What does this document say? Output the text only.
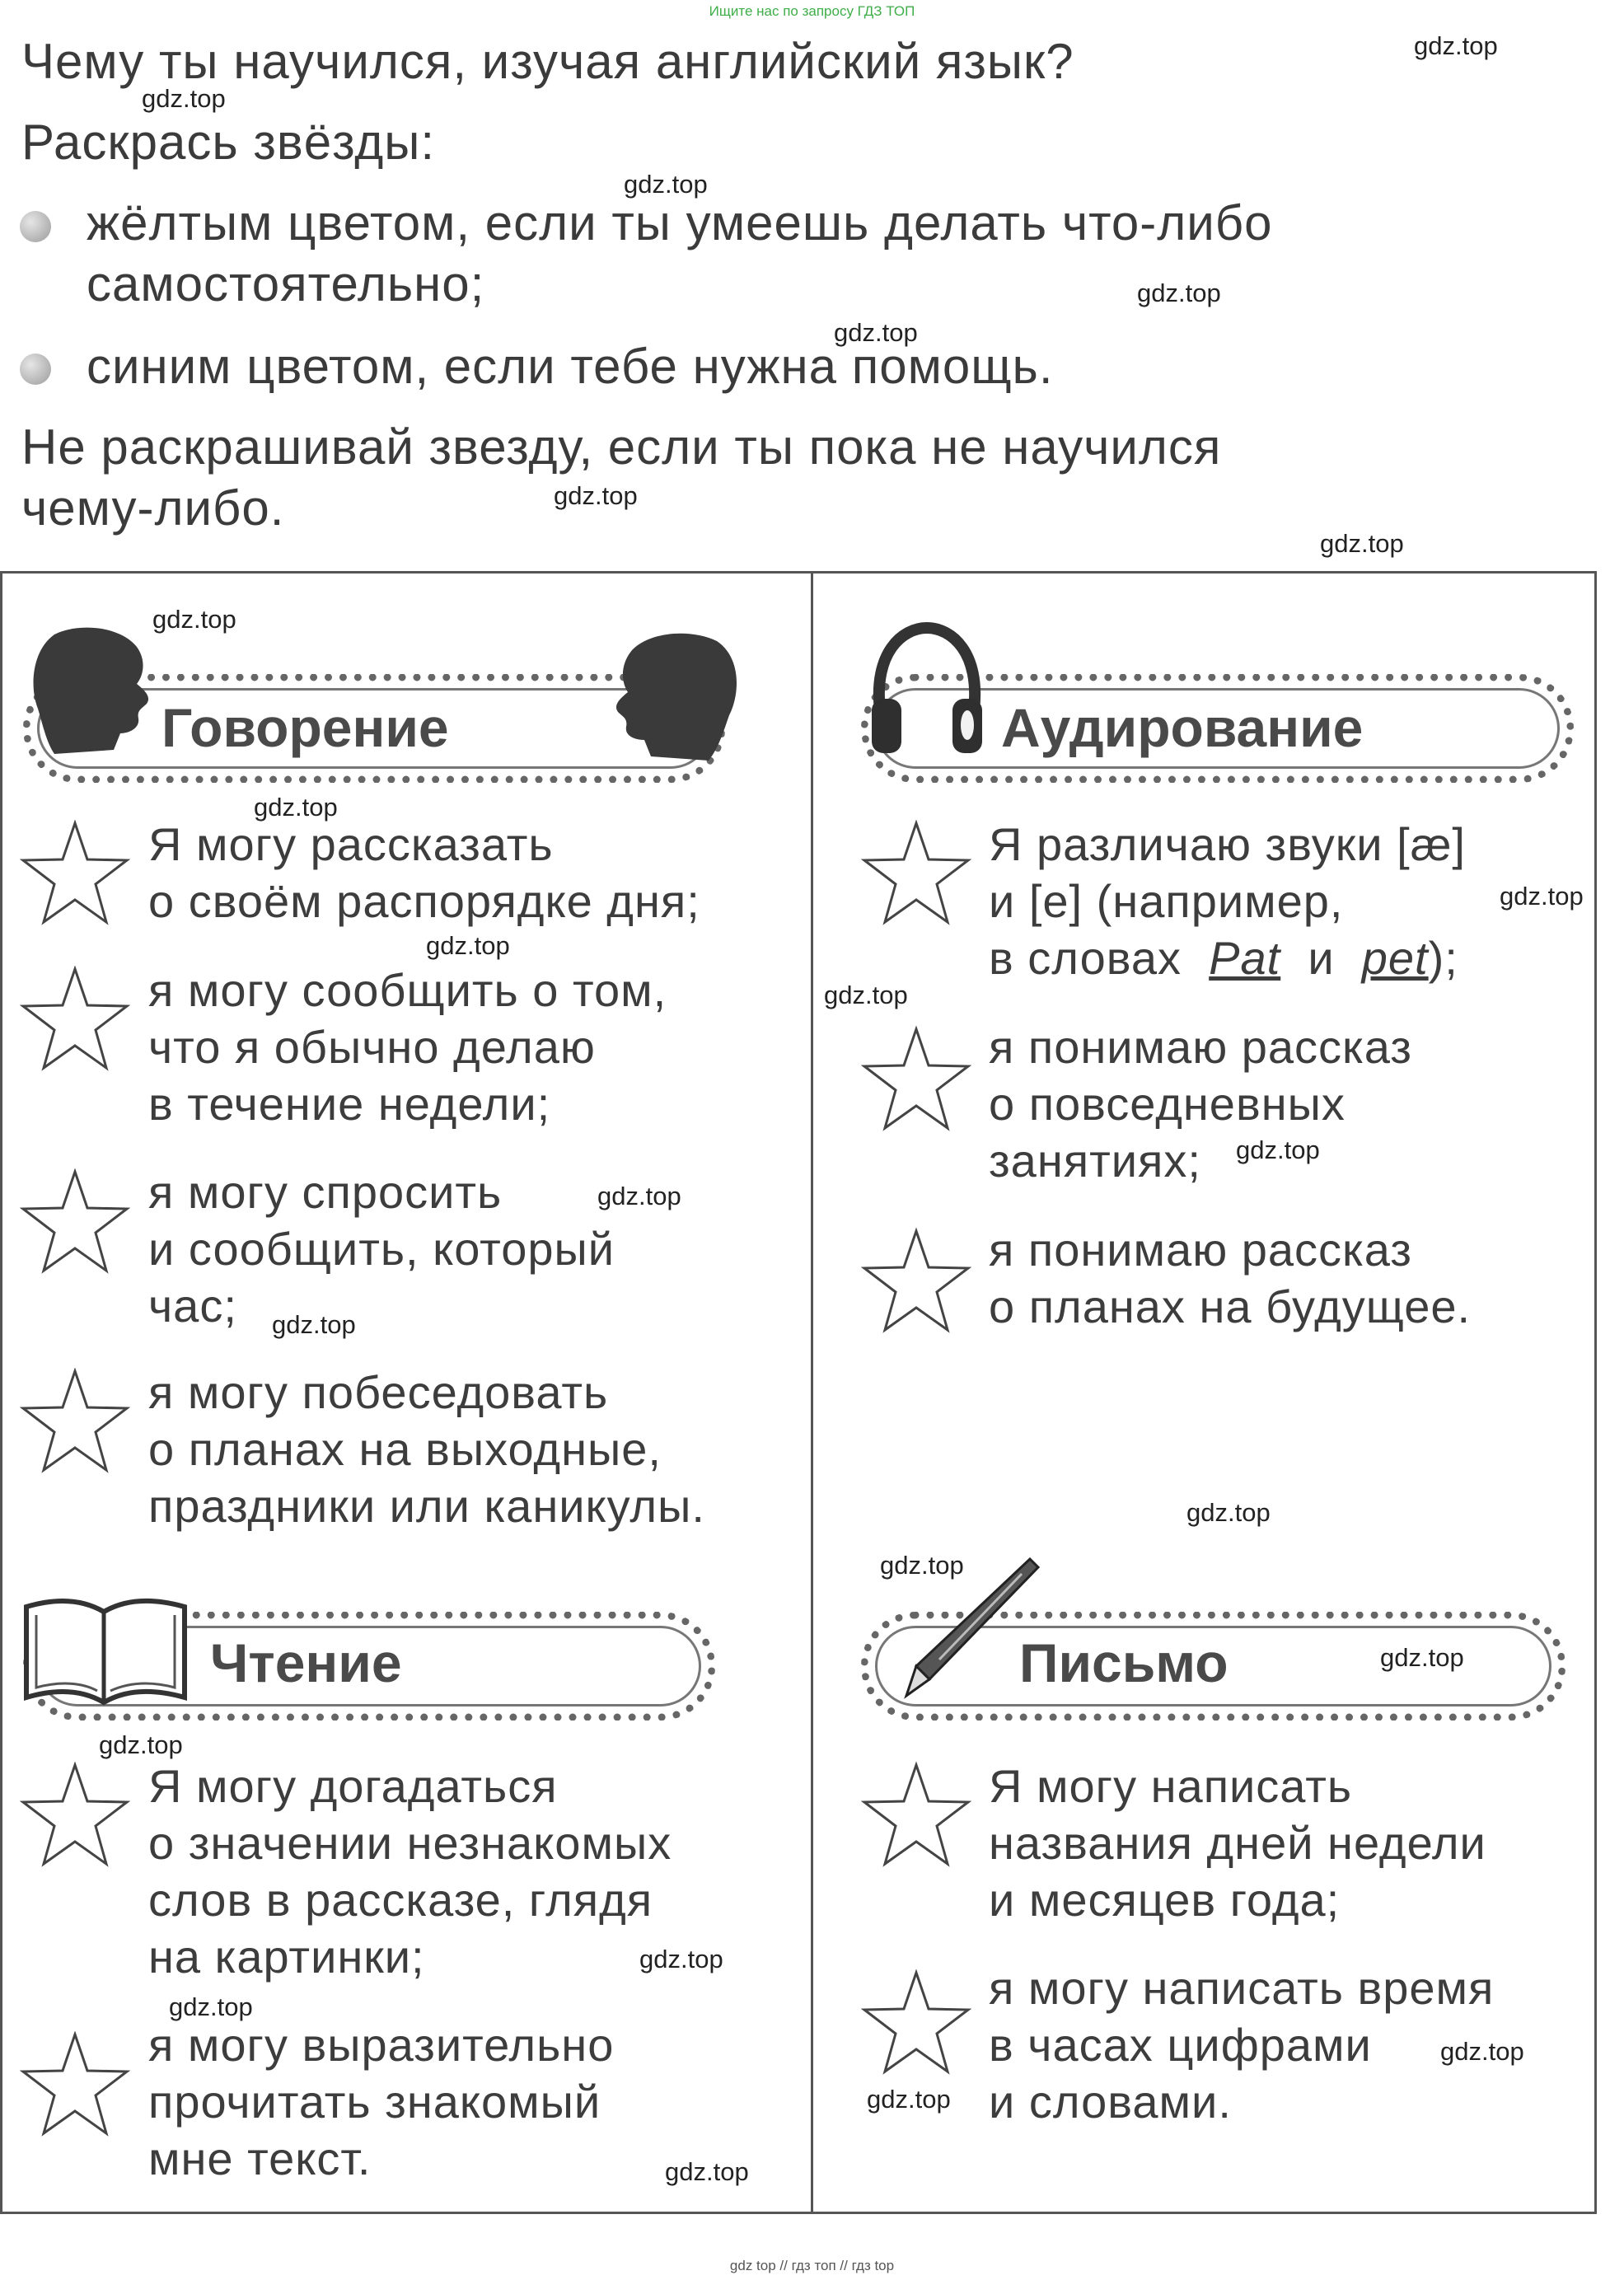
Ищите нас по запросу ГДЗ ТОП
Чему ты научился, изучая английский язык?
Раскрась звёзды:
жёлтым цветом, если ты умеешь делать что-либо
самостоятельно;
синим цветом, если тебе нужна помощь.
Не раскрашивай звезду, если ты пока не научился
чему-либо.
Говорение
Я могу рассказать
о своём распорядке дня;
я могу сообщить о том,
что я обычно делаю
в течение недели;
я могу спросить
и сообщить, который
час;
я могу побеседовать
о планах на выходные,
праздники или каникулы.
Аудирование
Я различаю звуки [æ]
и [e] (например,
в словах Pat и pet);
я понимаю рассказ
о повседневных
занятиях;
я понимаю рассказ
о планах на будущее.
Чтение
Я могу догадаться
о значении незнакомых
слов в рассказе, глядя
на картинки;
я могу выразительно
прочитать знакомый
мне текст.
Письмо
Я могу написать
названия дней недели
и месяцев года;
я могу написать время
в часах цифрами
и словами.
gdz.top
gdz.top
gdz.top
gdz.top
gdz.top
gdz.top
gdz.top
gdz.top
gdz.top
gdz.top
gdz.top
gdz.top
gdz.top
gdz.top
gdz.top
gdz.top
gdz.top
gdz.top
gdz.top
gdz.top
gdz.top
gdz.top
gdz.top
gdz.top
gdz top // гдз топ // гдз top
